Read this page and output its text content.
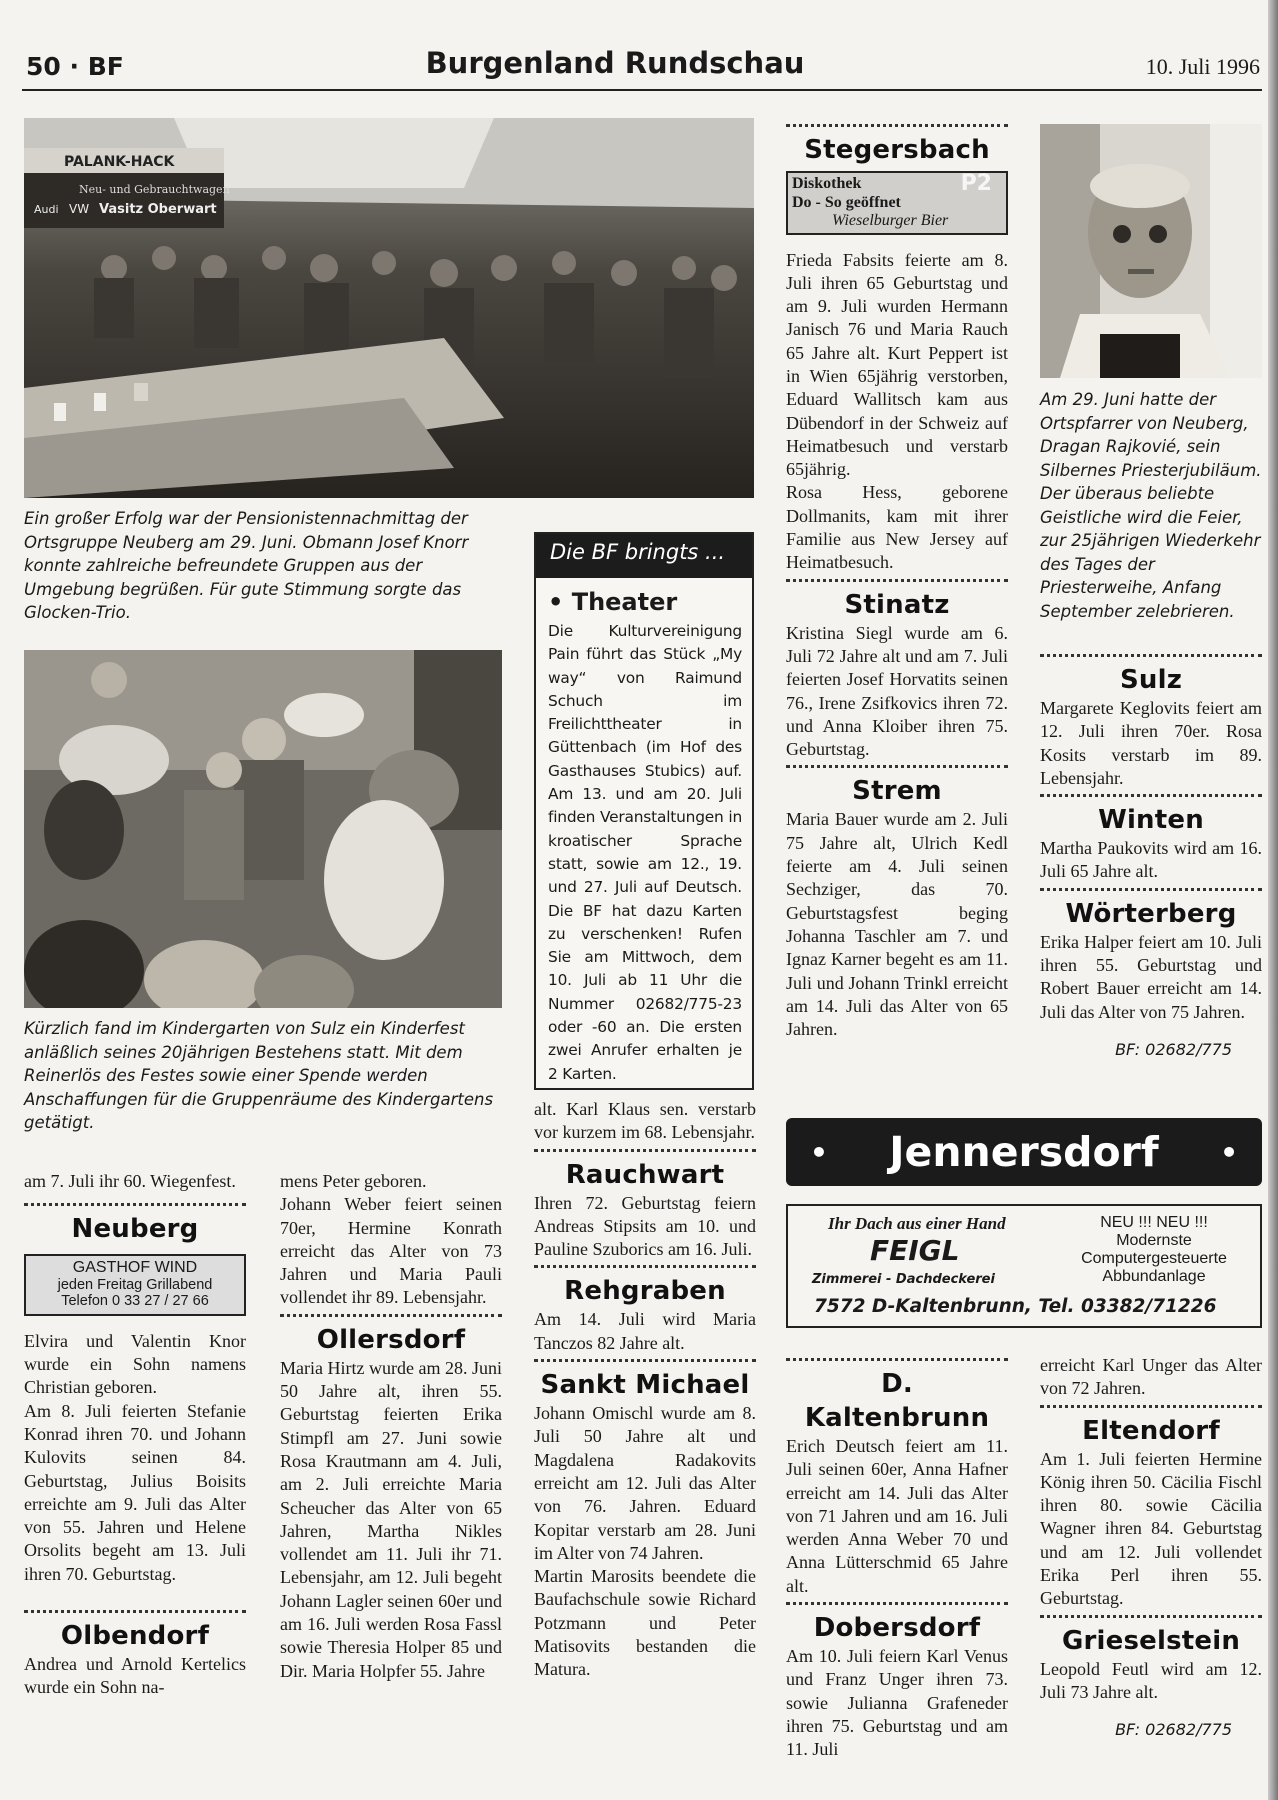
50 · BF	Burgenland Rundschau	10. Juli 1996
PALANK-HACK
Neu- und Gebrauchtwagen
Audi VW Vasitz Oberwart
Ein großer Erfolg war der Pensionistennachmittag der Ortsgruppe Neuberg am 29. Juni. Obmann Josef Knorr konnte zahlreiche befreundete Gruppen aus der Umgebung begrüßen. Für gute Stimmung sorgte das Glocken-Trio.
Kürzlich fand im Kindergarten von Sulz ein Kinderfest anläßlich seines 20jährigen Bestehens statt. Mit dem Reinerlös des Festes sowie einer Spende werden Anschaffungen für die Gruppenräume des Kindergartens getätigt.
Am 29. Juni hatte der Ortspfarrer von Neuberg, Dragan Rajkovié, sein Silbernes Priesterjubiläum. Der überaus beliebte Geistliche wird die Feier, zur 25jährigen Wiederkehr des Tages der Priesterweihe, Anfang September zelebrieren.

am 7. Juli ihr 60. Wiegenfest.

Neuberg
GASTHOF WIND
jeden Freitag Grillabend
Telefon 0 33 27 / 27 66

Elvira und Valentin Knor wurde ein Sohn namens Christian geboren.
Am 8. Juli feierten Stefanie Konrad ihren 70. und Johann Kulovits seinen 84. Geburtstag, Julius Boisits erreichte am 9. Juli das Alter von 55. Jahren und Helene Orsolits begeht am 13. Juli ihren 70. Geburtstag.

Olbendorf

Andrea und Arnold Kertelics wurde ein Sohn na-

mens Peter geboren.
Johann Weber feiert seinen 70er, Hermine Konrath erreicht das Alter von 73 Jahren und Maria Pauli vollendet ihr 89. Lebensjahr.

Ollersdorf

Maria Hirtz wurde am 28. Juni 50 Jahre alt, ihren 55. Geburtstag feierten Erika Stimpfl am 27. Juni sowie Rosa Krautmann am 4. Juli, am 2. Juli erreichte Maria Scheucher das Alter von 65 Jahren, Martha Nikles vollendet am 11. Juli ihr 71. Lebensjahr, am 12. Juli begeht Johann Lagler seinen 60er und am 16. Juli werden Rosa Fassl sowie Theresia Holper 85 und Dir. Maria Holpfer 55. Jahre

Die BF bringts ...
• Theater
Die Kulturvereinigung Pain führt das Stück „My way“ von Raimund Schuch im Freilichttheater in Güttenbach (im Hof des Gasthauses Stubics) auf. Am 13. und am 20. Juli finden Veranstaltungen in kroatischer Sprache statt, sowie am 12., 19. und 27. Juli auf Deutsch. Die BF hat dazu Karten zu verschenken! Rufen Sie am Mittwoch, dem 10. Juli ab 11 Uhr die Nummer 02682/775-23 oder -60 an. Die ersten zwei Anrufer erhalten je 2 Karten.

alt. Karl Klaus sen. verstarb vor kurzem im 68. Lebensjahr.

Rauchwart

Ihren 72. Geburtstag feiern Andreas Stipsits am 10. und Pauline Szuborics am 16. Juli.

Rehgraben

Am 14. Juli wird Maria Tanczos 82 Jahre alt.

Sankt Michael

Johann Omischl wurde am 8. Juli 50 Jahre alt und Magdalena Radakovits erreicht am 12. Juli das Alter von 76. Jahren. Eduard Kopitar verstarb am 28. Juni im Alter von 74 Jahren.
Martin Marosits beendete die Baufachschule sowie Richard Potzmann und Peter Matisovits bestanden die Matura.

Stegersbach
Diskothek
Do - So geöffnet
Wieselburger Bier
P2

Frieda Fabsits feierte am 8. Juli ihren 65 Geburtstag und am 9. Juli wurden Hermann Janisch 76 und Maria Rauch 65 Jahre alt. Kurt Peppert ist in Wien 65jährig verstorben, Eduard Wallitsch kam aus Dübendorf in der Schweiz auf Heimatbesuch und verstarb 65jährig.
Rosa Hess, geborene Dollmanits, kam mit ihrer Familie aus New Jersey auf Heimatbesuch.

Stinatz

Kristina Siegl wurde am 6. Juli 72 Jahre alt und am 7. Juli feierten Josef Horvatits seinen 76., Irene Zsifkovics ihren 72. und Anna Kloiber ihren 75. Geburtstag.

Strem

Maria Bauer wurde am 2. Juli 75 Jahre alt, Ulrich Kedl feierte am 4. Juli seinen Sechziger, das 70. Geburtstagsfest beging Johanna Taschler am 7. und Ignaz Karner begeht es am 11. Juli und Johann Trinkl erreicht am 14. Juli das Alter von 65 Jahren.

Sulz

Margarete Keglovits feiert am 12. Juli ihren 70er. Rosa Kosits verstarb im 89. Lebensjahr.

Winten

Martha Paukovits wird am 16. Juli 65 Jahre alt.

Wörterberg

Erika Halper feiert am 10. Juli ihren 55. Geburtstag und Robert Bauer erreicht am 14. Juli das Alter von 75 Jahren.

BF: 02682/775

• Jennersdorf •
Ihr Dach aus einer Hand
FEIGL
Zimmerei - Dachdeckerei
NEU !!! NEU !!!
Modernste
Computergesteuerte
Abbundanlage
7572 D-Kaltenbrunn, Tel. 03382/71226
D. Kaltenbrunn

Erich Deutsch feiert am 11. Juli seinen 60er, Anna Hafner erreicht am 14. Juli das Alter von 71 Jahren und am 16. Juli werden Anna Weber 70 und Anna Lütterschmid 65 Jahre alt.

Dobersdorf

Am 10. Juli feiern Karl Venus und Franz Unger ihren 73. sowie Julianna Grafeneder ihren 75. Geburtstag und am 11. Juli

erreicht Karl Unger das Alter von 72 Jahren.

Eltendorf

Am 1. Juli feierten Hermine König ihren 50. Cäcilia Fischl ihren 80. sowie Cäcilia Wagner ihren 84. Geburtstag und am 12. Juli vollendet Erika Perl ihren 55. Geburtstag.

Grieselstein

Leopold Feutl wird am 12. Juli 73 Jahre alt.

BF: 02682/775
